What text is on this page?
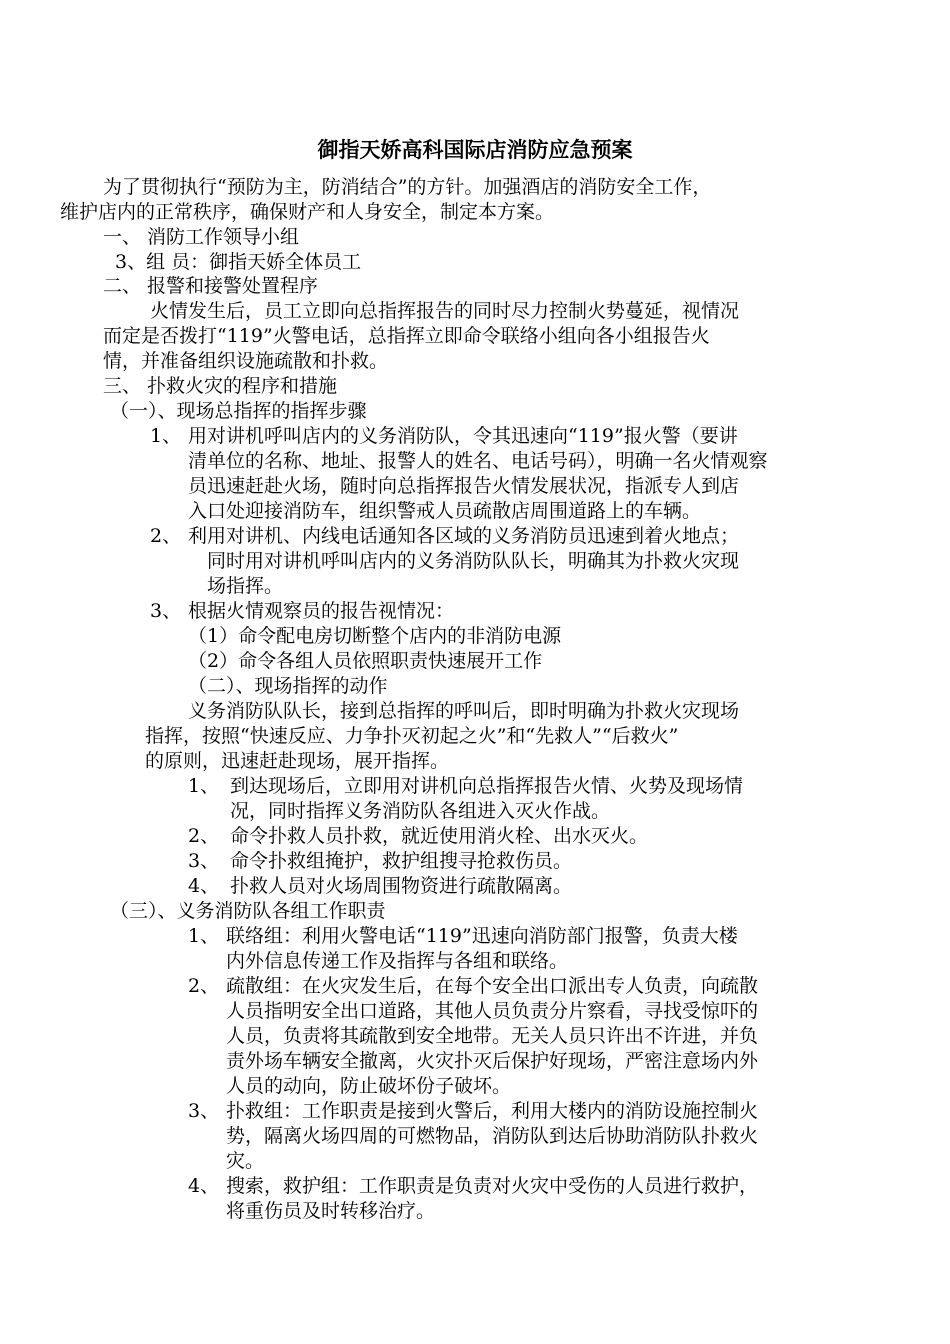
御指天娇高科国际店消防应急预案
为了贯彻执行“预防为主，防消结合”的方针。加强酒店的消防安全工作，
维护店内的正常秩序，确保财产和人身安全，制定本方案。
一、 消防工作领导小组
3、组 员：御指天娇全体员工
二、 报警和接警处置程序
火情发生后，员工立即向总指挥报告的同时尽力控制火势蔓延，视情况
而定是否拨打“119”火警电话，总指挥立即命令联络小组向各小组报告火
情，并准备组织设施疏散和扑救。
三、 扑救火灾的程序和措施
（一）、现场总指挥的指挥步骤
1、 用对讲机呼叫店内的义务消防队，令其迅速向“119”报火警（要讲
清单位的名称、地址、报警人的姓名、电话号码），明确一名火情观察
员迅速赶赴火场，随时向总指挥报告火情发展状况，指派专人到店
入口处迎接消防车，组织警戒人员疏散店周围道路上的车辆。
2、 利用对讲机、内线电话通知各区域的义务消防员迅速到着火地点；
同时用对讲机呼叫店内的义务消防队队长，明确其为扑救火灾现
场指挥。
3、 根据火情观察员的报告视情况：
（1）命令配电房切断整个店内的非消防电源
（2）命令各组人员依照职责快速展开工作
（二）、现场指挥的动作
义务消防队队长，接到总指挥的呼叫后，即时明确为扑救火灾现场
指挥，按照“快速反应、力争扑灭初起之火”和“先救人”“后救火”
的原则，迅速赶赴现场，展开指挥。
1、 到达现场后，立即用对讲机向总指挥报告火情、火势及现场情
况，同时指挥义务消防队各组进入灭火作战。
2、 命令扑救人员扑救，就近使用消火栓、出水灭火。
3、 命令扑救组掩护，救护组搜寻抢救伤员。
4、 扑救人员对火场周围物资进行疏散隔离。
（三）、义务消防队各组工作职责
1、 联络组：利用火警电话“119”迅速向消防部门报警，负责大楼
内外信息传递工作及指挥与各组和联络。
2、 疏散组：在火灾发生后，在每个安全出口派出专人负责，向疏散
人员指明安全出口道路，其他人员负责分片察看，寻找受惊吓的
人员，负责将其疏散到安全地带。无关人员只许出不许进，并负
责外场车辆安全撤离，火灾扑灭后保护好现场，严密注意场内外
人员的动向，防止破坏份子破坏。
3、 扑救组：工作职责是接到火警后，利用大楼内的消防设施控制火
势，隔离火场四周的可燃物品，消防队到达后协助消防队扑救火
灾。
4、 搜索，救护组：工作职责是负责对火灾中受伤的人员进行救护，
将重伤员及时转移治疗。
